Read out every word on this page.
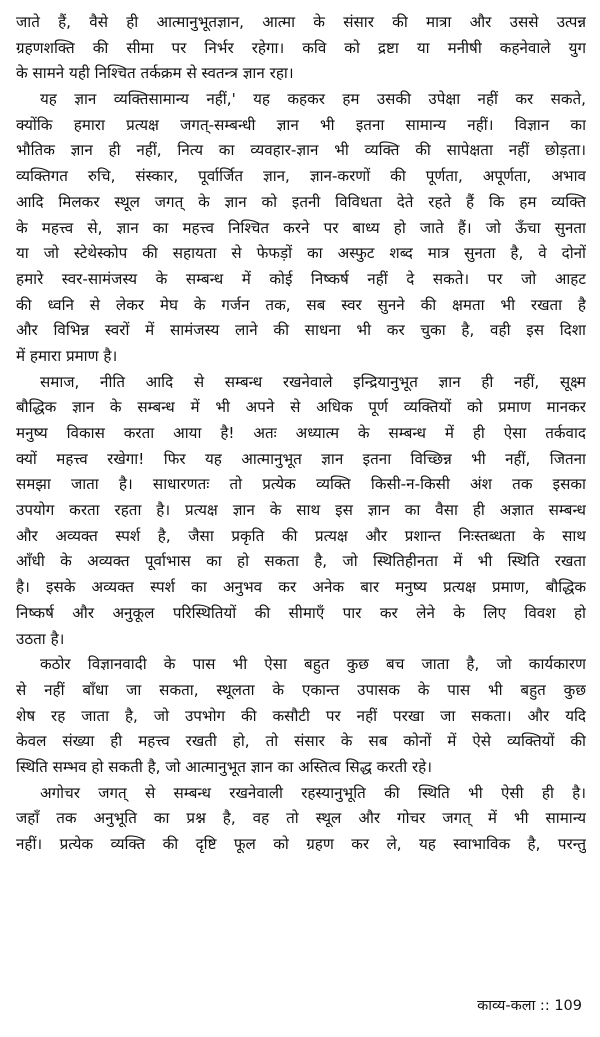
जाते हैं, वैसे ही आत्मानुभूतज्ञान, आत्मा के संसार की मात्रा और उससे उत्पन्न
ग्रहणशक्ति की सीमा पर निर्भर रहेगा। कवि को द्रष्टा या मनीषी कहनेवाले युग
के सामने यही निश्चित तर्कक्रम से स्वतन्त्र ज्ञान रहा।
यह ज्ञान व्यक्तिसामान्य नहीं,' यह कहकर हम उसकी उपेक्षा नहीं कर सकते,
क्योंकि हमारा प्रत्यक्ष जगत्-सम्बन्धी ज्ञान भी इतना सामान्य नहीं। विज्ञान का
भौतिक ज्ञान ही नहीं, नित्य का व्यवहार-ज्ञान भी व्यक्ति की सापेक्षता नहीं छोड़ता।
व्यक्तिगत रुचि, संस्कार, पूर्वार्जित ज्ञान, ज्ञान-करणों की पूर्णता, अपूर्णता, अभाव
आदि मिलकर स्थूल जगत् के ज्ञान को इतनी विविधता देते रहते हैं कि हम व्यक्ति
के महत्त्व से, ज्ञान का महत्त्व निश्चित करने पर बाध्य हो जाते हैं। जो ऊँचा सुनता
या जो स्टेथेस्कोप की सहायता से फेफड़ों का अस्फुट शब्द मात्र सुनता है, वे दोनों
हमारे स्वर-सामंजस्य के सम्बन्ध में कोई निष्कर्ष नहीं दे सकते। पर जो आहट
की ध्वनि से लेकर मेघ के गर्जन तक, सब स्वर सुनने की क्षमता भी रखता है
और विभिन्न स्वरों में सामंजस्य लाने की साधना भी कर चुका है, वही इस दिशा
में हमारा प्रमाण है।
समाज, नीति आदि से सम्बन्ध रखनेवाले इन्द्रियानुभूत ज्ञान ही नहीं, सूक्ष्म
बौद्धिक ज्ञान के सम्बन्ध में भी अपने से अधिक पूर्ण व्यक्तियों को प्रमाण मानकर
मनुष्य विकास करता आया है! अतः अध्यात्म के सम्बन्ध में ही ऐसा तर्कवाद
क्यों महत्त्व रखेगा! फिर यह आत्मानुभूत ज्ञान इतना विच्छिन्न भी नहीं, जितना
समझा जाता है। साधारणतः तो प्रत्येक व्यक्ति किसी-न-किसी अंश तक इसका
उपयोग करता रहता है। प्रत्यक्ष ज्ञान के साथ इस ज्ञान का वैसा ही अज्ञात सम्बन्ध
और अव्यक्त स्पर्श है, जैसा प्रकृति की प्रत्यक्ष और प्रशान्त निःस्तब्धता के साथ
आँधी के अव्यक्त पूर्वाभास का हो सकता है, जो स्थितिहीनता में भी स्थिति रखता
है। इसके अव्यक्त स्पर्श का अनुभव कर अनेक बार मनुष्य प्रत्यक्ष प्रमाण, बौद्धिक
निष्कर्ष और अनुकूल परिस्थितियों की सीमाएँ पार कर लेने के लिए विवश हो
उठता है।
कठोर विज्ञानवादी के पास भी ऐसा बहुत कुछ बच जाता है, जो कार्यकारण
से नहीं बाँधा जा सकता, स्थूलता के एकान्त उपासक के पास भी बहुत कुछ
शेष रह जाता है, जो उपभोग की कसौटी पर नहीं परखा जा सकता। और यदि
केवल संख्या ही महत्त्व रखती हो, तो संसार के सब कोनों में ऐसे व्यक्तियों की
स्थिति सम्भव हो सकती है, जो आत्मानुभूत ज्ञान का अस्तित्व सिद्ध करती रहे।
अगोचर जगत् से सम्बन्ध रखनेवाली रहस्यानुभूति की स्थिति भी ऐसी ही है।
जहाँ तक अनुभूति का प्रश्न है, वह तो स्थूल और गोचर जगत् में भी सामान्य
नहीं। प्रत्येक व्यक्ति की दृष्टि फूल को ग्रहण कर ले, यह स्वाभाविक है, परन्तु
काव्य-कला :: 109
